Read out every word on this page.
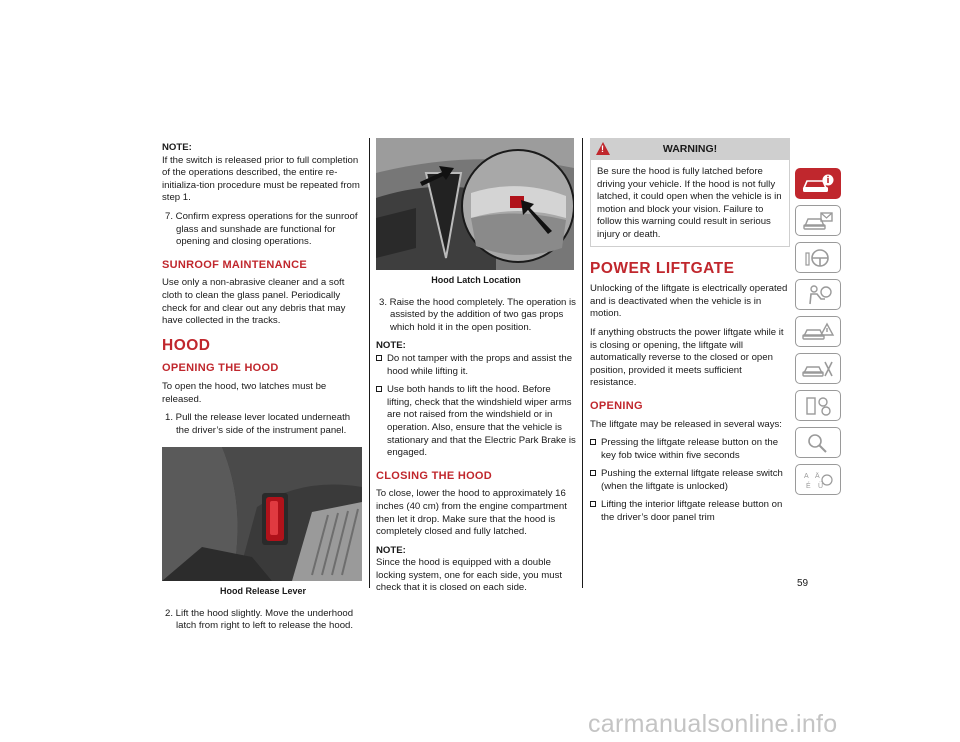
NOTE:

If the switch is released prior to full completion of the operations described, the entire re-initializa-tion procedure must be repeated from step 1.

7. Confirm express operations for the sunroof glass and sunshade are functional for opening and closing operations.

SUNROOF MAINTENANCE

Use only a non-abrasive cleaner and a soft cloth to clean the glass panel. Periodically check for and clear out any debris that may have collected in the tracks.

HOOD
OPENING THE HOOD

To open the hood, two latches must be released.

1. Pull the release lever located underneath the driver’s side of the instrument panel.

Hood Release Lever

2. Lift the hood slightly. Move the underhood latch from right to left to release the hood.

Hood Latch Location

3. Raise the hood completely. The operation is assisted by the addition of two gas props which hold it in the open position.

NOTE:
Do not tamper with the props and assist the hood while lifting it.
Use both hands to lift the hood. Before lifting, check that the windshield wiper arms are not raised from the windshield or in operation. Also, ensure that the vehicle is stationary and that the Electric Park Brake is engaged.
CLOSING THE HOOD

To close, lower the hood to approximately 16 inches (40 cm) from the engine compartment then let it drop. Make sure that the hood is completely closed and fully latched.

NOTE:

Since the hood is equipped with a double locking system, one for each side, you must check that it is closed on each side.

!	WARNING!
Be sure the hood is fully latched before driving your vehicle. If the hood is not fully latched, it could open when the vehicle is in motion and block your vision. Failure to follow this warning could result in serious injury or death.
POWER LIFTGATE

Unlocking of the liftgate is electrically operated and is deactivated when the vehicle is in motion.

If anything obstructs the power liftgate while it is closing or opening, the liftgate will automatically reverse to the closed or open position, provided it meets sufficient resistance.

OPENING

The liftgate may be released in several ways:

Pressing the liftgate release button on the key fob twice within five seconds
Pushing the external liftgate release switch (when the liftgate is unlocked)
Lifting the interior liftgate release button on the driver’s door panel trim
A Ä
É Ü
59
carmanualsonline.info
